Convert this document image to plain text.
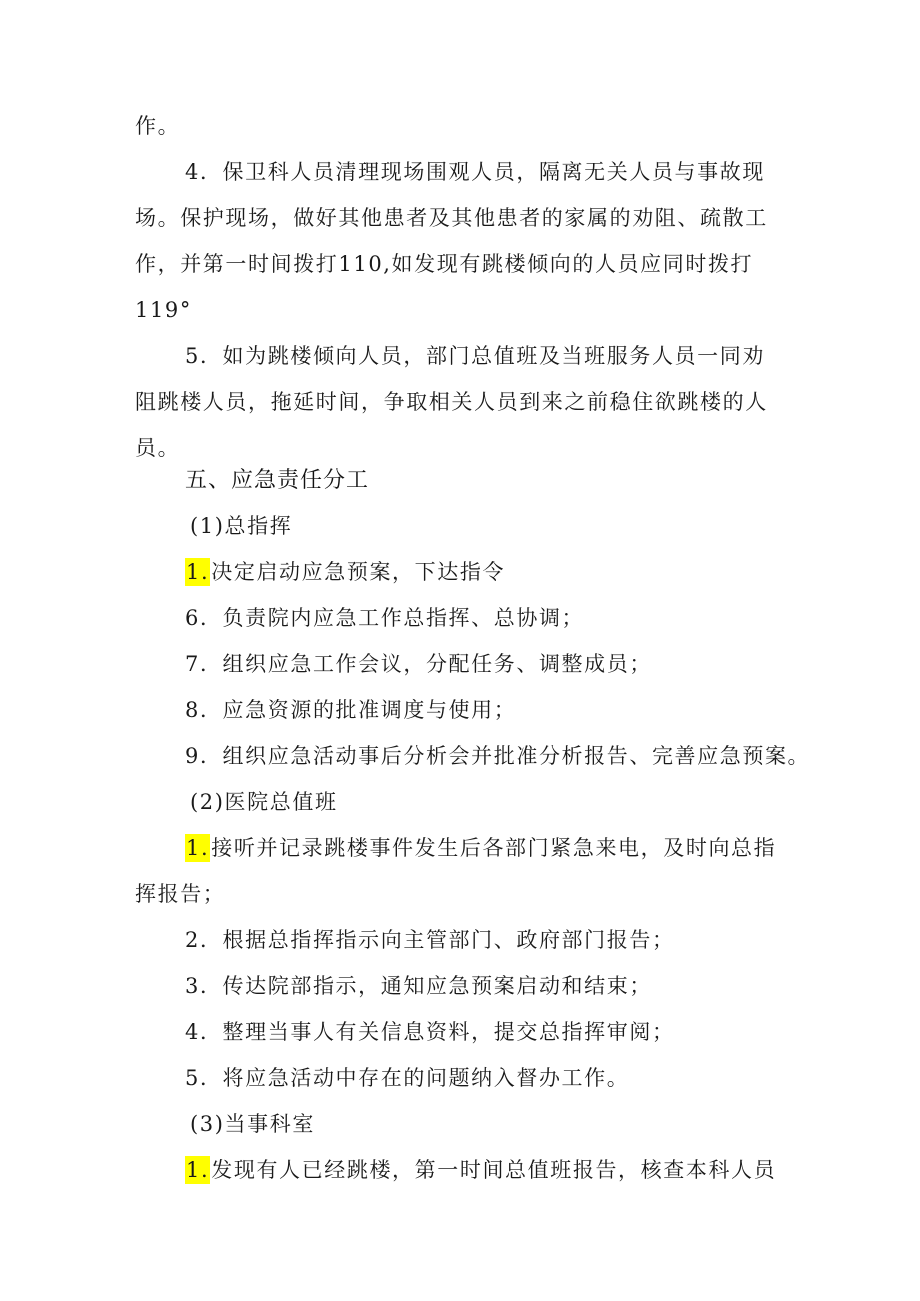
作。
4．保卫科人员清理现场围观人员，隔离无关人员与事故现
场。保护现场，做好其他患者及其他患者的家属的劝阻、疏散工
作，并第一时间拨打110,如发现有跳楼倾向的人员应同时拨打
119°
5．如为跳楼倾向人员，部门总值班及当班服务人员一同劝
阻跳楼人员，拖延时间，争取相关人员到来之前稳住欲跳楼的人
员。
五、应急责任分工
(1)总指挥
1.决定启动应急预案，下达指令
6．负责院内应急工作总指挥、总协调；
7．组织应急工作会议，分配任务、调整成员；
8．应急资源的批准调度与使用；
9．组织应急活动事后分析会并批准分析报告、完善应急预案。
(2)医院总值班
1.接听并记录跳楼事件发生后各部门紧急来电，及时向总指
挥报告；
2．根据总指挥指示向主管部门、政府部门报告；
3．传达院部指示，通知应急预案启动和结束；
4．整理当事人有关信息资料，提交总指挥审阅；
5．将应急活动中存在的问题纳入督办工作。
(3)当事科室
1.发现有人已经跳楼，第一时间总值班报告，核查本科人员
